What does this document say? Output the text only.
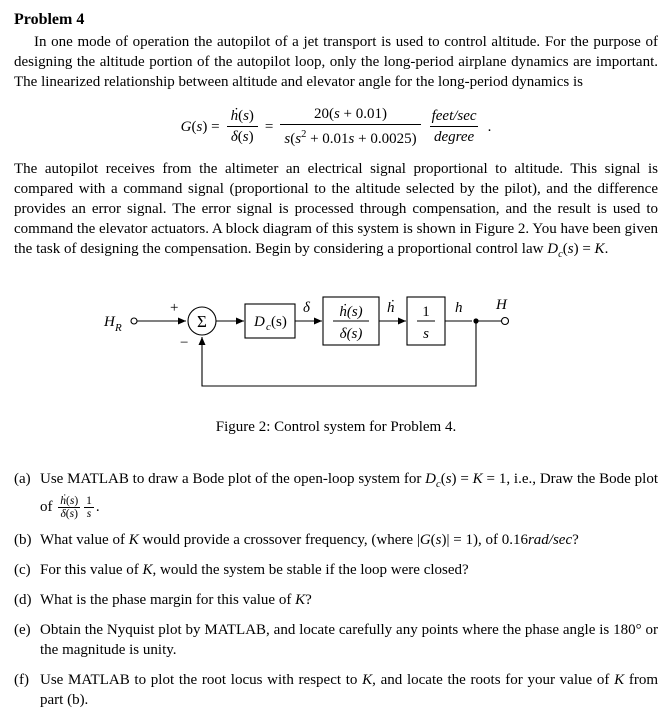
Problem 4

In one mode of operation the autopilot of a jet transport is used to control altitude. For the purpose of designing the altitude portion of the autopilot loop, only the long-period airplane dynamics are important. The linearized relationship between altitude and elevator angle for the long-period dynamics is

$G(s) = \frac{\text{ḣ(s)}}{\delta(s)} = \frac{20(s + 0.01)}{s(s^2 + 0.01s + 0.0025)} \frac{\text{feet/sec}}{\text{degree}}$ .

The autopilot receives from the altimeter an electrical signal proportional to altitude. This signal is compared with a command signal (proportional to the altitude selected by the pilot), and the difference provides an error signal. The error signal is processed through compensation, and the result is used to command the elevator actuators. A block diagram of this system is shown in Figure 2. You have been given the task of designing the compensation. Begin by considering a proportional control law $D_c(s) = K$.

H R
+
Σ
−
D c (s)
δ ḣ(s)
δ(s)
ḣ 1
s
h H
Figure 2: Control system for Problem 4.
(a) Use MATLAB to draw a Bode plot of the open-loop system for $D_c(s) = K = 1$, i.e., Draw the Bode plot of $\frac{\text{ḣ(s)}}{\delta(s)} \frac{1}{s}$ .
(b) What value of K would provide a crossover frequency, (where |G(s)| = 1), of 0.16rad/sec?
(c) For this value of K, would the system be stable if the loop were closed?
(d) What is the phase margin for this value of K?
(e) Obtain the Nyquist plot by MATLAB, and locate carefully any points where the phase angle is 180° or the magnitude is unity.
(f) Use MATLAB to plot the root locus with respect to K, and locate the roots for your value of K from part (b).
